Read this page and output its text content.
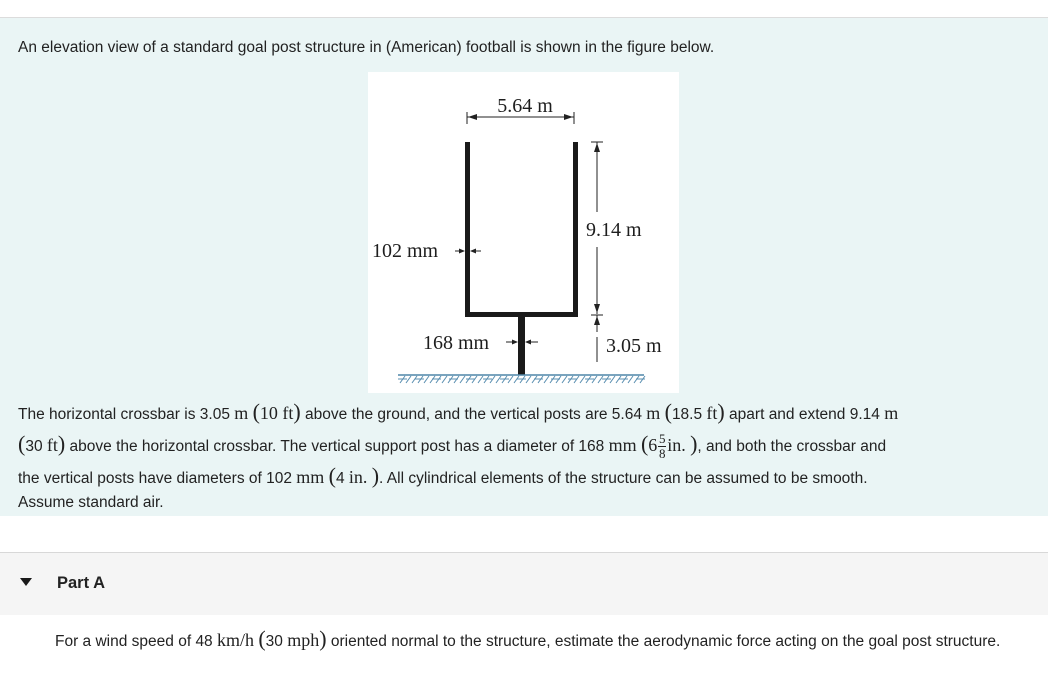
An elevation view of a standard goal post structure in (American) football is shown in the figure below.

5.64 m
9.14 m
3.05 m
102 mm
168 mm

The horizontal crossbar is 3.05 m (10 ft) above the ground, and the vertical posts are 5.64 m (18.5 ft) apart and extend 9.14 m
(30 ft) above the horizontal crossbar. The vertical support post has a diameter of 168 mm ($6 \frac{5}{8}$ in. ), and both the crossbar and
the vertical posts have diameters of 102 mm (4 in. ). All cylindrical elements of the structure can be assumed to be smooth.
Assume standard air.

Part A

For a wind speed of 48 km/h (30 mph) oriented normal to the structure, estimate the aerodynamic force acting on the goal post structure.
